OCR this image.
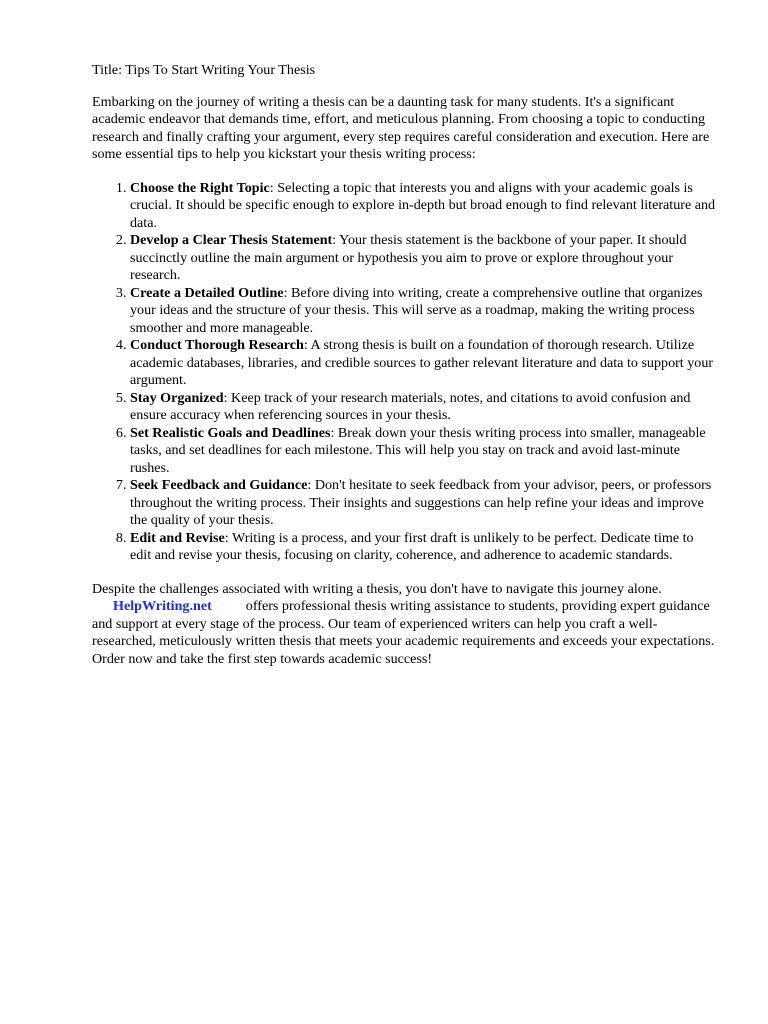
Title: Tips To Start Writing Your Thesis

Embarking on the journey of writing a thesis can be a daunting task for many students. It's a significant academic endeavor that demands time, effort, and meticulous planning. From choosing a topic to conducting research and finally crafting your argument, every step requires careful consideration and execution. Here are some essential tips to help you kickstart your thesis writing process:

1. Choose the Right Topic: Selecting a topic that interests you and aligns with your academic goals is crucial. It should be specific enough to explore in-depth but broad enough to find relevant literature and data.
2. Develop a Clear Thesis Statement: Your thesis statement is the backbone of your paper. It should succinctly outline the main argument or hypothesis you aim to prove or explore throughout your research.
3. Create a Detailed Outline: Before diving into writing, create a comprehensive outline that organizes your ideas and the structure of your thesis. This will serve as a roadmap, making the writing process smoother and more manageable.
4. Conduct Thorough Research: A strong thesis is built on a foundation of thorough research. Utilize academic databases, libraries, and credible sources to gather relevant literature and data to support your argument.
5. Stay Organized: Keep track of your research materials, notes, and citations to avoid confusion and ensure accuracy when referencing sources in your thesis.
6. Set Realistic Goals and Deadlines: Break down your thesis writing process into smaller, manageable tasks, and set deadlines for each milestone. This will help you stay on track and avoid last-minute rushes.
7. Seek Feedback and Guidance: Don't hesitate to seek feedback from your advisor, peers, or professors throughout the writing process. Their insights and suggestions can help refine your ideas and improve the quality of your thesis.
8. Edit and Revise: Writing is a process, and your first draft is unlikely to be perfect. Dedicate time to edit and revise your thesis, focusing on clarity, coherence, and adherence to academic standards.

Despite the challenges associated with writing a thesis, you don't have to navigate this journey alone.
HelpWriting.net offers professional thesis writing assistance to students, providing expert guidance and support at every stage of the process. Our team of experienced writers can help you craft a well-researched, meticulously written thesis that meets your academic requirements and exceeds your expectations. Order now and take the first step towards academic success!
